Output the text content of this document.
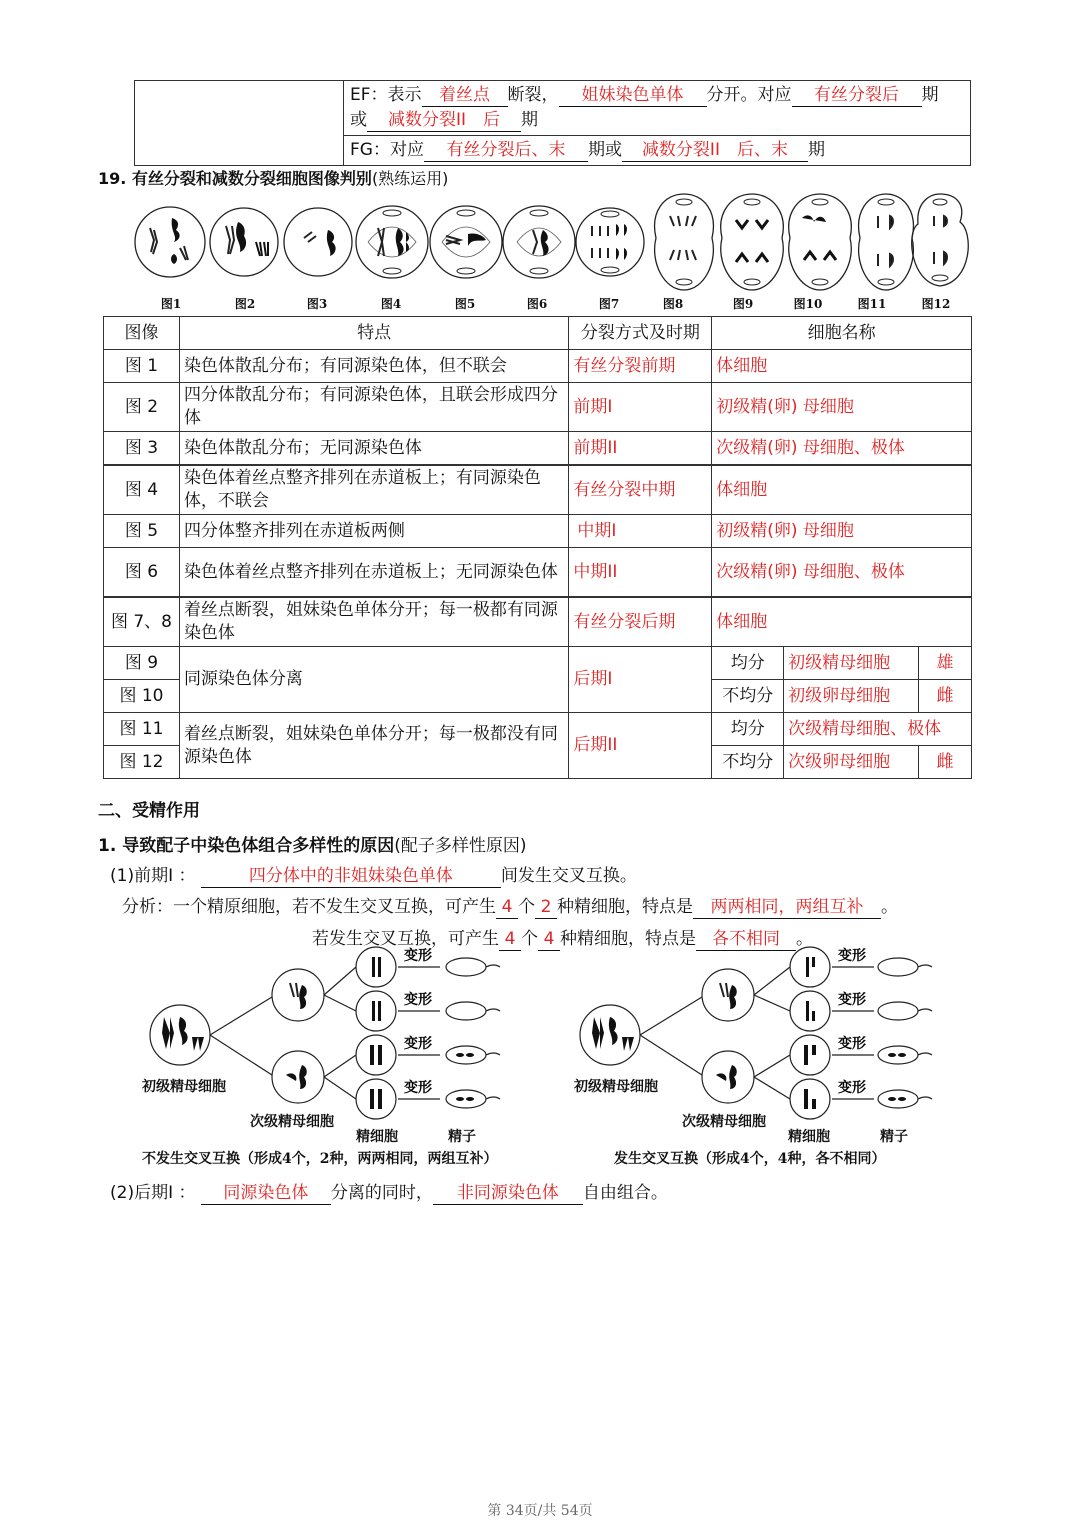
	EF：表示 着丝点 断裂， 姐妹染色单体 分开。对应 有丝分裂后 期
或 减数分裂II　后 期
FG：对应 有丝分裂后、末 期或 减数分裂II　后、末 期
19. 有丝分裂和减数分裂细胞图像判别(熟练运用)
图1	图2	图3	图4	图5	图6	图7	图8	图9	图10	图11	图12
图像	特点	分裂方式及时期	细胞名称		
图 1	染色体散乱分布；有同源染色体，但不联会	有丝分裂前期	体细胞		
图 2	四分体散乱分布；有同源染色体，且联会形成四分体	前期I	初级精(卵) 母细胞		
图 3	染色体散乱分布；无同源染色体	前期II	次级精(卵) 母细胞、极体		
图 4	染色体着丝点整齐排列在赤道板上；有同源染色体，不联会	有丝分裂中期	体细胞		
图 5	四分体整齐排列在赤道板两侧	中期I	初级精(卵) 母细胞		
图 6	染色体着丝点整齐排列在赤道板上；无同源染色体	中期II	次级精(卵) 母细胞、极体		
图 7、8	着丝点断裂，姐妹染色单体分开；每一极都有同源染色体	有丝分裂后期	体细胞		
图 9	同源染色体分离	后期I	均分	初级精母细胞	雄
图 10			不均分	初级卵母细胞	雌
图 11	着丝点断裂，姐妹染色单体分开；每一极都没有同源染色体	后期II	均分	次级精母细胞、极体	
图 12			不均分	次级卵母细胞	雌
二、受精作用
1. 导致配子中染色体组合多样性的原因(配子多样性原因)
(1)前期Ⅰ ：	四分体中的非姐妹染色单体	间发生交叉互换。
分析：一个精原细胞，若不发生交叉互换，可产生 4 个 2 种精细胞，特点是 两两相同，两组互补 。
若发生交叉互换，可产生 4 个 4 种精细胞，特点是 各不相同 。
变形
变形
变形
变形
初级精母细胞
次级精母细胞
精细胞	精子
不发生交叉互换（形成4个，2种，两两相同，两组互补）
变形
变形
变形
变形
初级精母细胞
次级精母细胞
精细胞	精子
发生交叉互换（形成4个，4种，各不相同）
(2)后期Ⅰ ： 同源染色体 分离的同时， 非同源染色体 自由组合。
第 34页/共 54页
